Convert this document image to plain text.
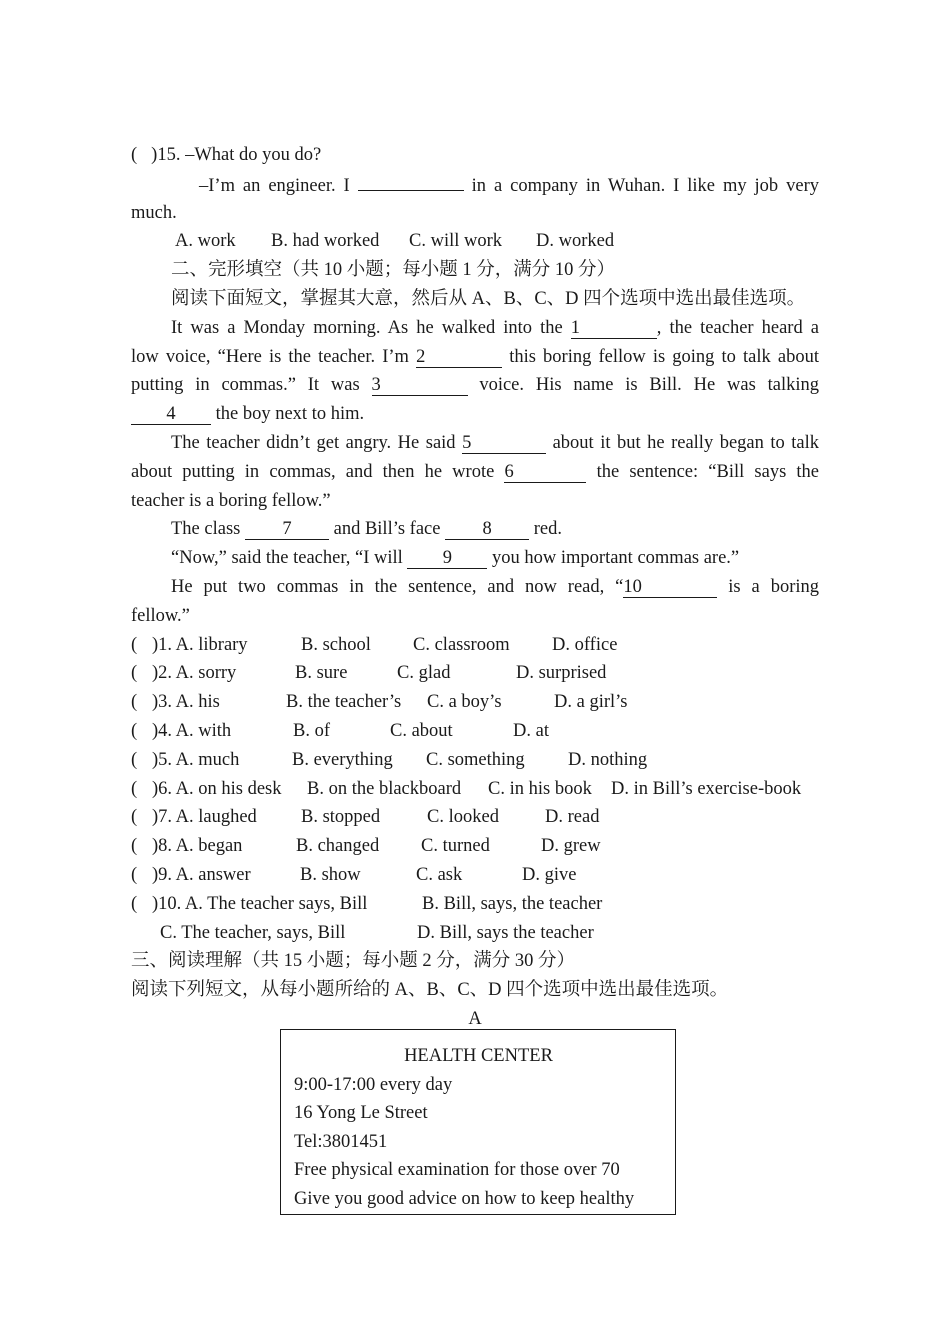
( )15. –What do you do?
–I’m an engineer. I	in a company in Wuhan. I like my job very
much.
A. work B. had worked C. will work D. worked
二、完形填空（共 10 小题；每小题 1 分，满分 10 分）
阅读下面短文，掌握其大意，然后从 A、B、C、D 四个选项中选出最佳选项。
It was a Monday morning. As he walked into the 1	, the teacher heard a
low voice, “Here is the teacher. I’m 2	this boring fellow is going to talk about
putting in commas.” It was 3	voice. His name is Bill. He was talking
4 the boy next to him.
The teacher didn’t get angry. He said 5	about it but he really began to talk
about putting in commas, and then he wrote 6	the sentence: “Bill says the
teacher is a boring fellow.”
The class 7 and Bill’s face 8 red.
“Now,” said the teacher, “I will 9 you how important commas are.”
He put two commas in the sentence, and now read, “10	is a boring
fellow.”
( )1. A. library	B. school C. classroom D. office
( )2. A. sorry	B. sure	C. glad	D. surprised
( )3. A. his	B. the teacher’s C. a boy’s	D. a girl’s
( )4. A. with	B. of	C. about	D. at
( )5. A. much	B. everything C. something D. nothing
( )6. A. on his desk B. on the blackboard C. in his book D. in Bill’s exercise-book
( )7. A. laughed B. stopped	C. looked D. read
( )8. A. began	B. changed C. turned	D. grew
( )9. A. answer	B. show	C. ask	D. give
( )10. A. The teacher says, Bill	B. Bill, says, the teacher
C. The teacher, says, Bill	D. Bill, says the teacher
三、阅读理解（共 15 小题；每小题 2 分，满分 30 分）
阅读下列短文，从每小题所给的 A、B、C、D 四个选项中选出最佳选项。
A
HEALTH CENTER
9:00-17:00 every day
16 Yong Le Street
Tel:3801451
Free physical examination for those over 70
Give you good advice on how to keep healthy
